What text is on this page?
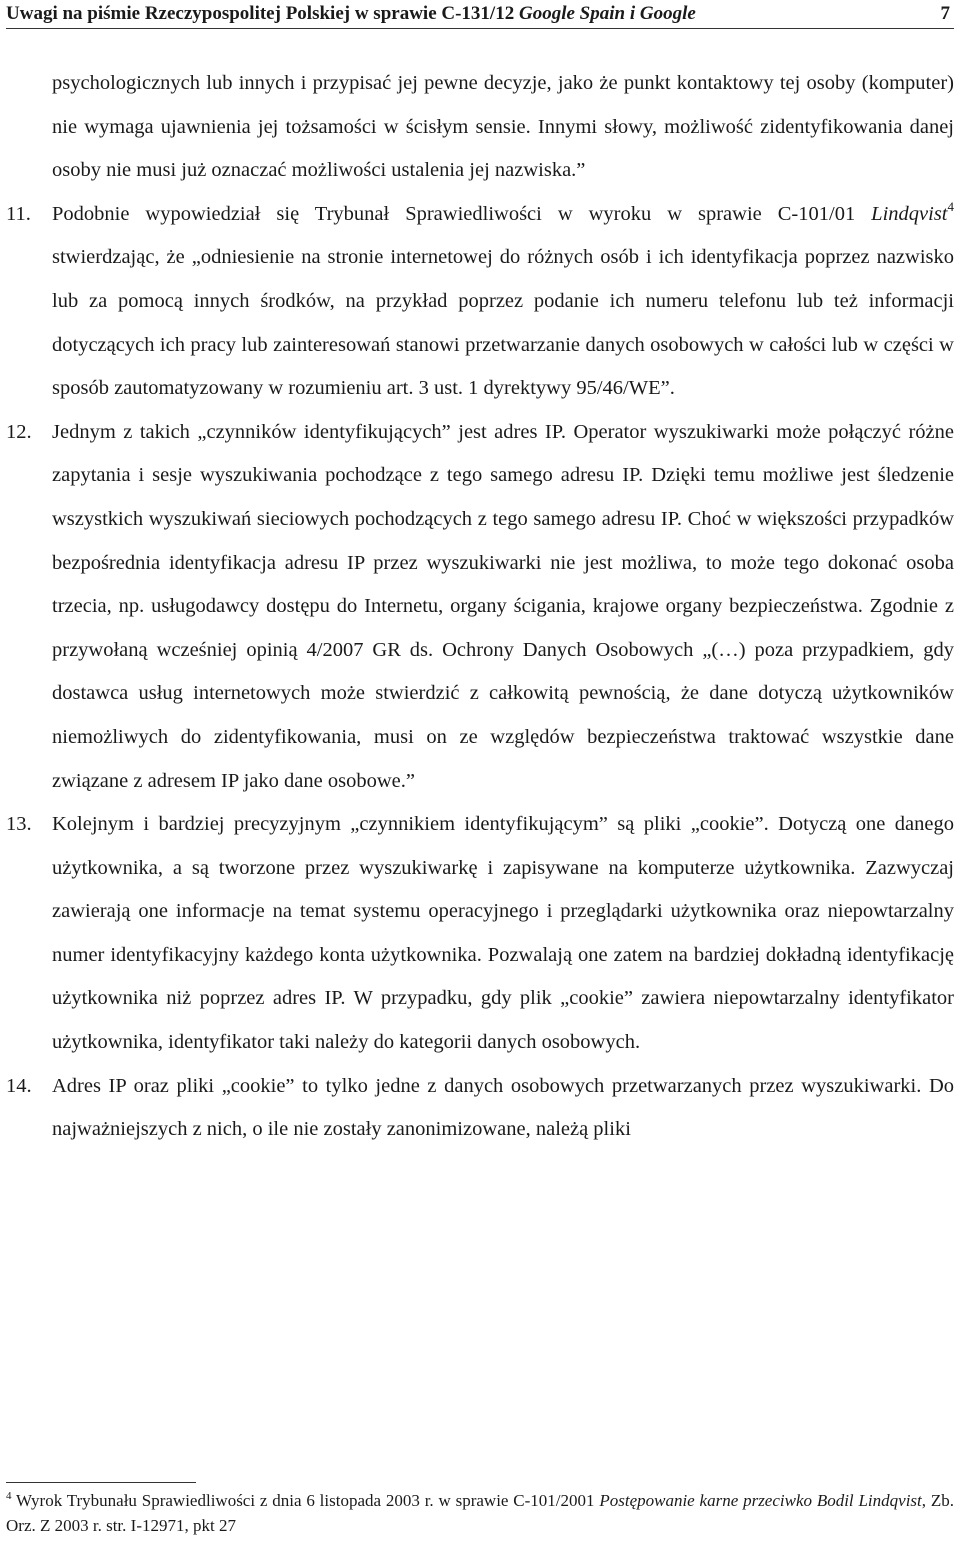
Uwagi na piśmie Rzeczypospolitej Polskiej w sprawie C-131/12 Google Spain i Google	7

psychologicznych lub innych i przypisać jej pewne decyzje, jako że punkt kontaktowy tej osoby (komputer) nie wymaga ujawnienia jej tożsamości w ścisłym sensie. Innymi słowy, możliwość zidentyfikowania danej osoby nie musi już oznaczać możliwości ustalenia jej nazwiska.”

11. Podobnie wypowiedział się Trybunał Sprawiedliwości w wyroku w sprawie C-101/01 Lindqvist$^4$ stwierdzając, że „odniesienie na stronie internetowej do różnych osób i ich identyfikacja poprzez nazwisko lub za pomocą innych środków, na przykład poprzez podanie ich numeru telefonu lub też informacji dotyczących ich pracy lub zainteresowań stanowi przetwarzanie danych osobowych w całości lub w części w sposób zautomatyzowany w rozumieniu art. 3 ust. 1 dyrektywy 95/46/WE”.

12. Jednym z takich „czynników identyfikujących” jest adres IP. Operator wyszukiwarki może połączyć różne zapytania i sesje wyszukiwania pochodzące z tego samego adresu IP. Dzięki temu możliwe jest śledzenie wszystkich wyszukiwań sieciowych pochodzących z tego samego adresu IP. Choć w większości przypadków bezpośrednia identyfikacja adresu IP przez wyszukiwarki nie jest możliwa, to może tego dokonać osoba trzecia, np. usługodawcy dostępu do Internetu, organy ścigania, krajowe organy bezpieczeństwa. Zgodnie z przywołaną wcześniej opinią 4/2007 GR ds. Ochrony Danych Osobowych „(…) poza przypadkiem, gdy dostawca usług internetowych może stwierdzić z całkowitą pewnością, że dane dotyczą użytkowników niemożliwych do zidentyfikowania, musi on ze względów bezpieczeństwa traktować wszystkie dane związane z adresem IP jako dane osobowe.”

13. Kolejnym i bardziej precyzyjnym „czynnikiem identyfikującym” są pliki „cookie”. Dotyczą one danego użytkownika, a są tworzone przez wyszukiwarkę i zapisywane na komputerze użytkownika. Zazwyczaj zawierają one informacje na temat systemu operacyjnego i przeglądarki użytkownika oraz niepowtarzalny numer identyfikacyjny każdego konta użytkownika. Pozwalają one zatem na bardziej dokładną identyfikację użytkownika niż poprzez adres IP. W przypadku, gdy plik „cookie” zawiera niepowtarzalny identyfikator użytkownika, identyfikator taki należy do kategorii danych osobowych.

14. Adres IP oraz pliki „cookie” to tylko jedne z danych osobowych przetwarzanych przez wyszukiwarki. Do najważniejszych z nich, o ile nie zostały zanonimizowane, należą pliki

$^4$ Wyrok Trybunału Sprawiedliwości z dnia 6 listopada 2003 r. w sprawie C-101/2001 Postępowanie karne przeciwko Bodil Lindqvist, Zb. Orz. Z 2003 r. str. I-12971, pkt 27
